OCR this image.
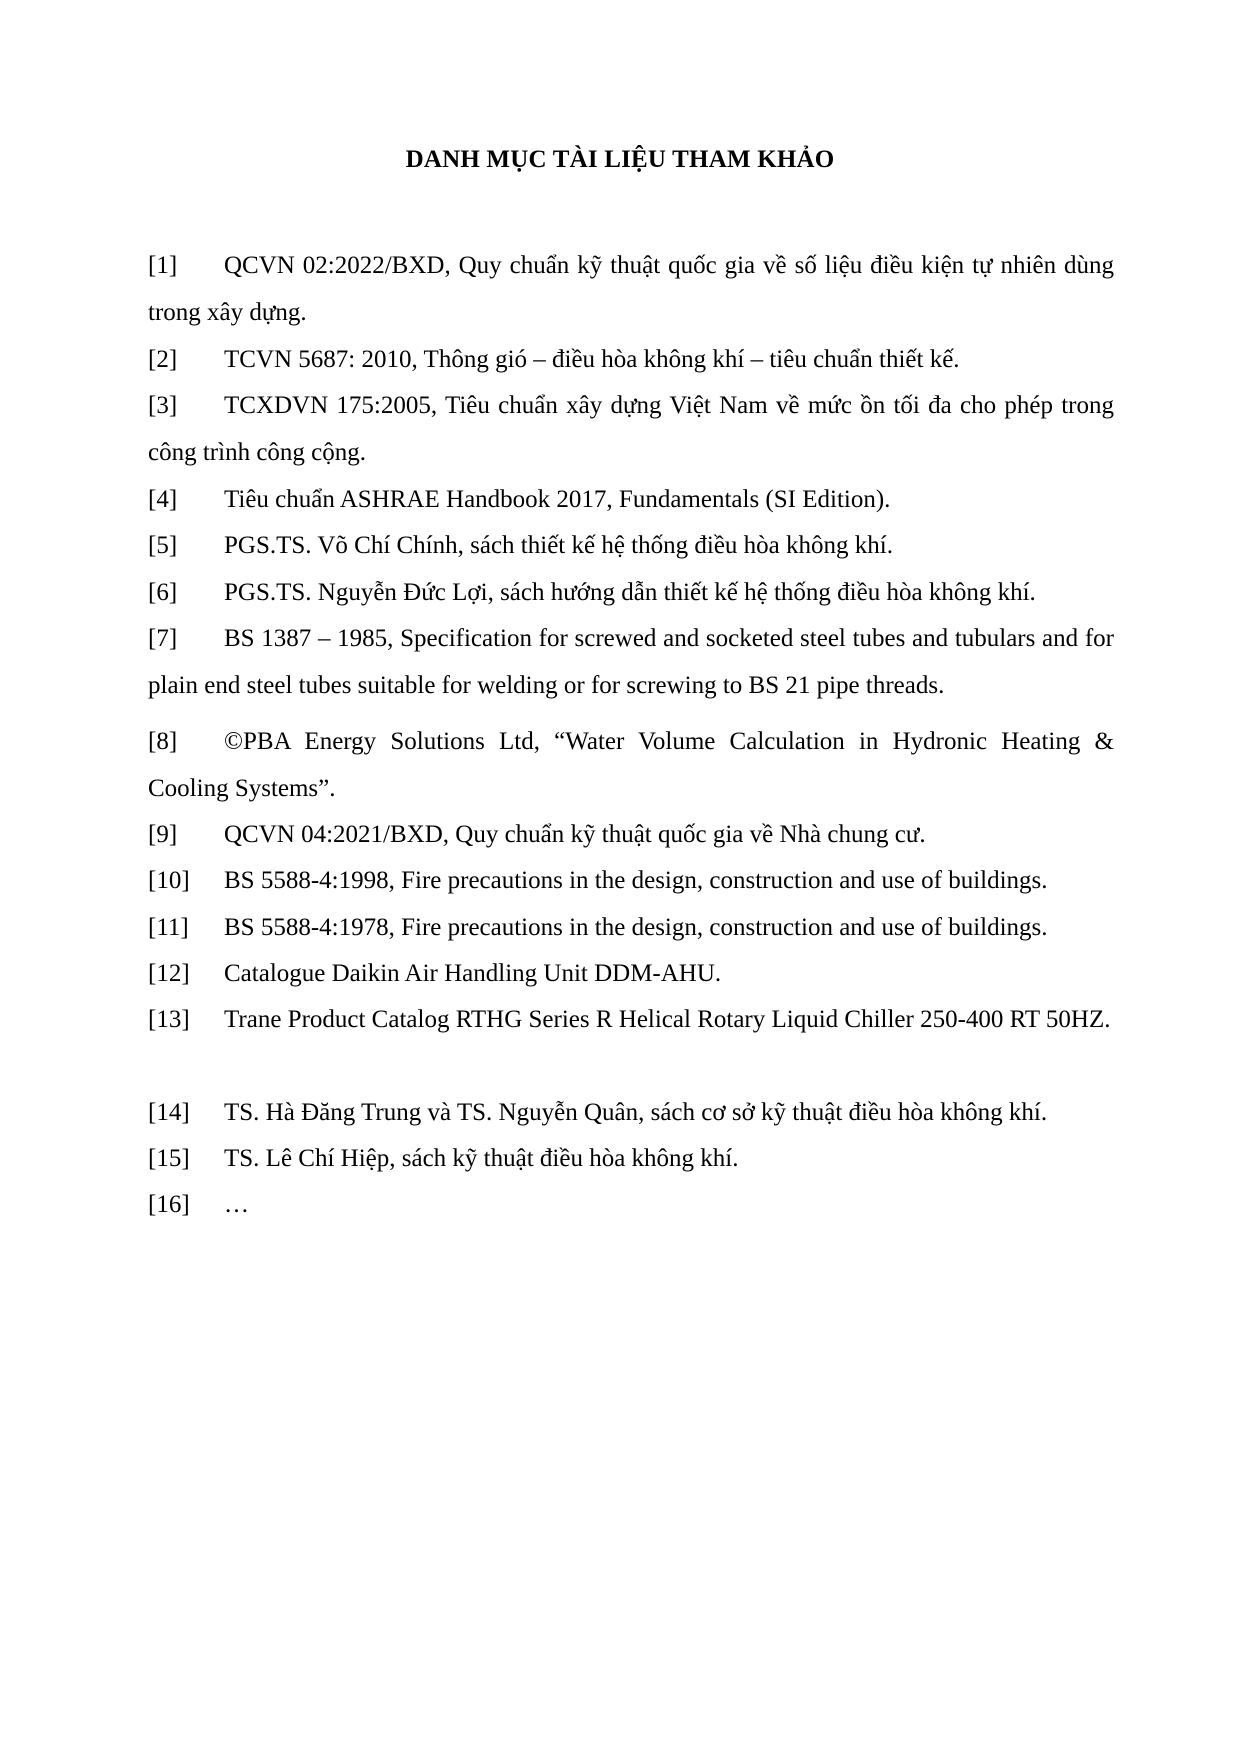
DANH MỤC TÀI LIỆU THAM KHẢO
[1] QCVN 02:2022/BXD, Quy chuẩn kỹ thuật quốc gia về số liệu điều kiện tự nhiên dùng trong xây dựng.
[2] TCVN 5687: 2010, Thông gió – điều hòa không khí – tiêu chuẩn thiết kế.
[3] TCXDVN 175:2005, Tiêu chuẩn xây dựng Việt Nam về mức ồn tối đa cho phép trong công trình công cộng.
[4] Tiêu chuẩn ASHRAE Handbook 2017, Fundamentals (SI Edition).
[5] PGS.TS. Võ Chí Chính, sách thiết kế hệ thống điều hòa không khí.
[6] PGS.TS. Nguyễn Đức Lợi, sách hướng dẫn thiết kế hệ thống điều hòa không khí.
[7] BS 1387 – 1985, Specification for screwed and socketed steel tubes and tubulars and for plain end steel tubes suitable for welding or for screwing to BS 21 pipe threads.
[8] ©PBA Energy Solutions Ltd, “Water Volume Calculation in Hydronic Heating & Cooling Systems”.
[9] QCVN 04:2021/BXD, Quy chuẩn kỹ thuật quốc gia về Nhà chung cư.
[10] BS 5588-4:1998, Fire precautions in the design, construction and use of buildings.
[11] BS 5588-4:1978, Fire precautions in the design, construction and use of buildings.
[12] Catalogue Daikin Air Handling Unit DDM-AHU.
[13] Trane Product Catalog RTHG Series R Helical Rotary Liquid Chiller 250-400 RT 50HZ.
[14] TS. Hà Đăng Trung và TS. Nguyễn Quân, sách cơ sở kỹ thuật điều hòa không khí.
[15] TS. Lê Chí Hiệp, sách kỹ thuật điều hòa không khí.
[16] …
